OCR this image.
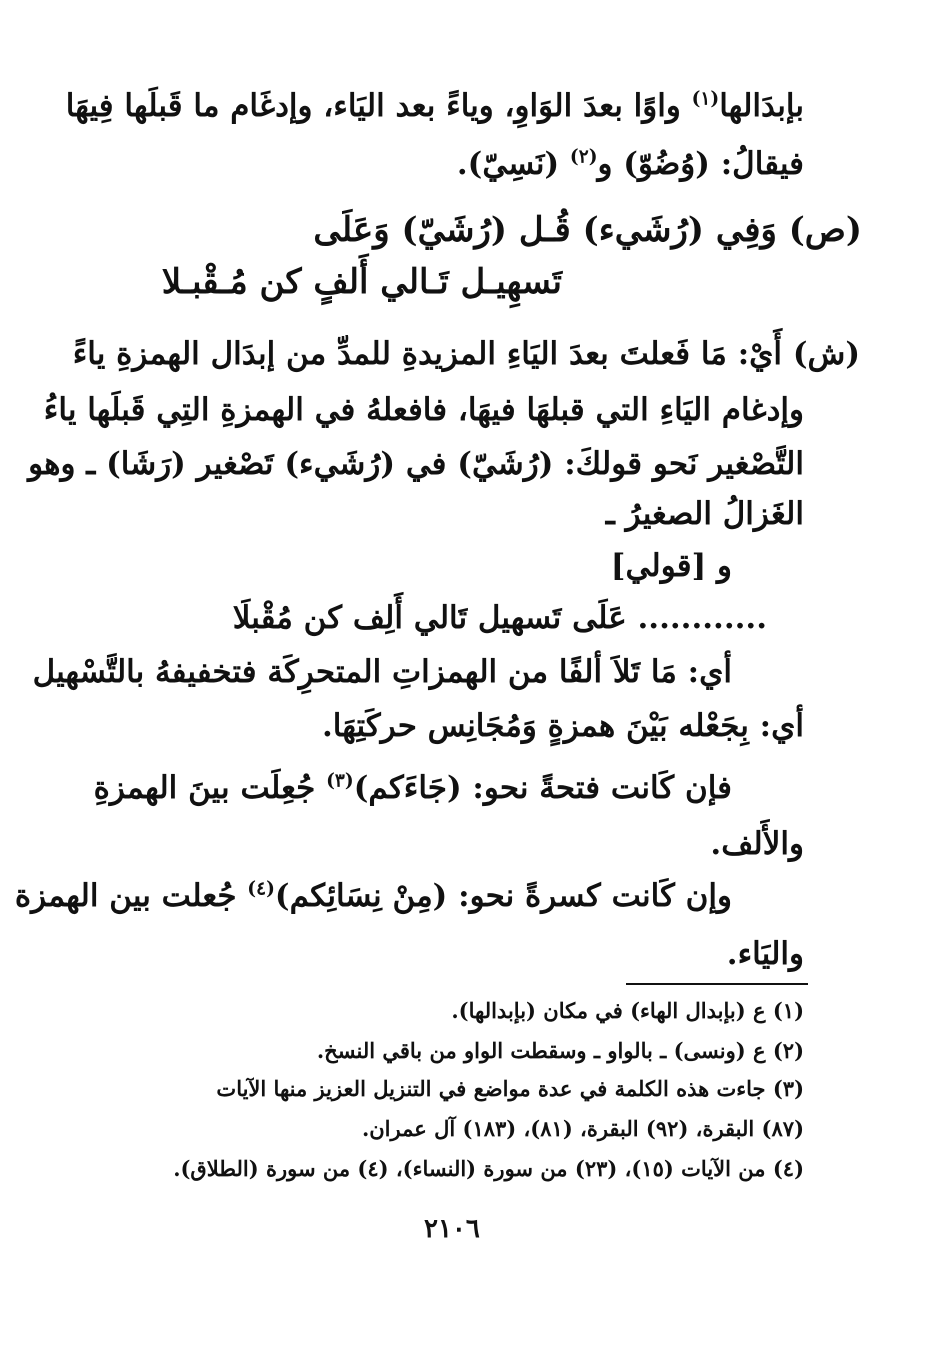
بإبدَالها$^{(١)}$ واوًا بعدَ الوَاوِ، وياءً بعد اليَاء، وإدغَام ما قَبلَها فِيهَا
فيقالُ: (وُضُوّ) و$^{(٢)}$ (نَسِيّ).
(ص) وَفِي (رُشَيء) قُـل (رُشَيّ) وَعَلَى
تَسهِيـل تَـالي أَلفٍ كن مُـقْبـلا
(ش) أَيْ: مَا فَعلتَ بعدَ اليَاءِ المزيدةِ للمدِّ من إبدَال الهمزةِ ياءً
وإدغام اليَاءِ التي قبلهَا فيهَا، فافعلهُ في الهمزةِ التِي قَبلَها ياءُ
التَّصْغير نَحو قولكَ: (رُشَيّ) في (رُشَيء) تَصْغير (رَشَا) ـ وهو
الغَزالُ الصغيرُ ـ
و [قولي]
............ عَلَى تَسهيل تَالي أَلِف كن مُقْبلَا
أي: مَا تَلاَ ألفًا من الهمزاتِ المتحرِكَة فتخفيفهُ بالتَّسْهيل
أي: بِجَعْله بَيْنَ همزةٍ وَمُجَانِس حركَتِهَا.
فإن كَانت فتحةً نحو: (جَاءَكم)$^{(٣)}$ جُعِلَت بينَ الهمزةِ
والأَلف.
وإن كَانت كسرةً نحو: (مِنْ نِسَائِكم)$^{(٤)}$ جُعلت بين الهمزة
واليَاء.
(١) ع (بإبدال الهاء) في مكان (بإبدالها).
(٢) ع (ونسى) ـ بالواو ـ وسقطت الواو من باقي النسخ.
(٣) جاءت هذه الكلمة في عدة مواضع في التنزيل العزيز منها الآيات
(٨٧) البقرة، (٩٢) البقرة، (٨١)، (١٨٣) آل عمران.
(٤) من الآيات (١٥)، (٢٣) من سورة (النساء)، (٤) من سورة (الطلاق).
٢١٠٦
